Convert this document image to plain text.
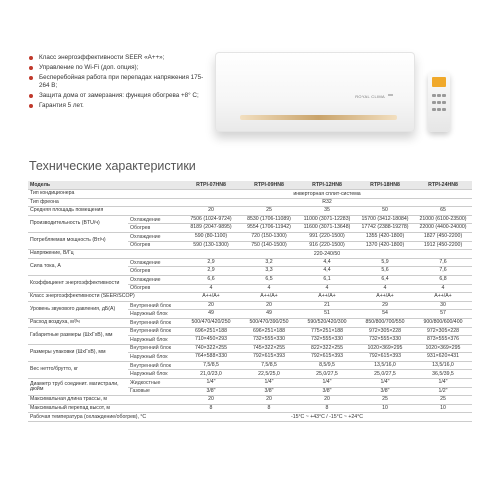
Класс энергоэффективности SEER «A++»;
Управление по Wi-Fi (доп. опция);
Бесперебойная работа при перепадах напряжения 175-264 В;
Защита дома от замерзания: функция обогрева +8° С;
Гарантия 5 лет.
ROYAL CLIMA
Технические характеристики
Модель		RTPI-07HN8	RTPI-09HN8	RTPI-12HN8	RTPI-18HN8	RTPI-24HN8
Тип кондиционера		инверторная сплит-система				
Тип фреона		R32				
Средняя площадь помещения		20	25	35	50	65
Производительность (BTU/ч)	Охлаждение	7506 (1024-9724)	8530 (1706-11089)	11000 (3071-12283)	15700 (3412-18084)	21000 (6100-23500)
	Обогрев	8189 (2047-9895)	9554 (1706-11942)	11600 (3071-13648)	17742 (2388-19278)	22000 (4400-24000)
Потребляемая мощность (Вт/ч)	Охлаждение	590 (80-1100)	720 (150-1300)	991 (220-1500)	1355 (420-1800)	1827 (450-2200)
	Обогрев	590 (130-1300)	750 (140-1500)	916 (220-1500)	1370 (420-1800)	1912 (450-2200)
Напряжение, В/Гц		220-240/50				
Сила тока, А	Охлаждение	2,9	3,2	4,4	5,9	7,6
	Обогрев	2,9	3,3	4,4	5,6	7,6
Коэффициент энергоэффективности	Охлаждение	6,6	6,5	6,1	6,4	6,8
	Обогрев	4	4	4	4	4
Класс энергоэффективности (SEER/SCOP)		A++/A+	A++/A+	A++/A+	A++/A+	A++/A+
Уровень звукового давления, дБ(А)	Внутренний блок	20	20	21	29	30
	Наружный блок	49	49	51	54	57
Расход воздуха, м³/ч	Внутренний блок	500/470/420/250	500/470/390/250	590/520/420/300	850/800/700/550	900/800/600/400
Габаритные размеры (ШхГхВ), мм	Внутренний блок	696×251×188	696×251×188	775×251×188	972×305×228	972×305×228
	Наружный блок	710×450×293	732×555×330	732×555×330	732×555×330	873×555×376
Размеры упаковки (ШхГхВ), мм	Внутренний блок	740×322×255	745×322×255	822×322×255	1020×369×295	1020×369×295
	Наружный блок	764×588×330	792×615×393	792×615×393	792×615×393	931×620×431
Вес нетто/брутто, кг	Внутренний блок	7,5/8,5	7,5/8,5	8,5/9,5	13,5/16,0	13,5/16,0
	Наружный блок	21,0/23,0	22,5/25,0	25,0/27,5	25,0/27,5	36,5/39,5
Диаметр труб соединит. магистрали, дюйм	Жидкостные	1/4"	1/4"	1/4"	1/4"	1/4"
	Газовые	3/8"	3/8"	3/8"	3/8"	1/2"
Максимальная длина трассы, м		20	20	20	25	25
Максимальный перепад высот, м		8	8	8	10	10
Рабочая температура (охлаждение/обогрев), °C		-15°C ~ +43°C / -15°C ~ +24°C				
